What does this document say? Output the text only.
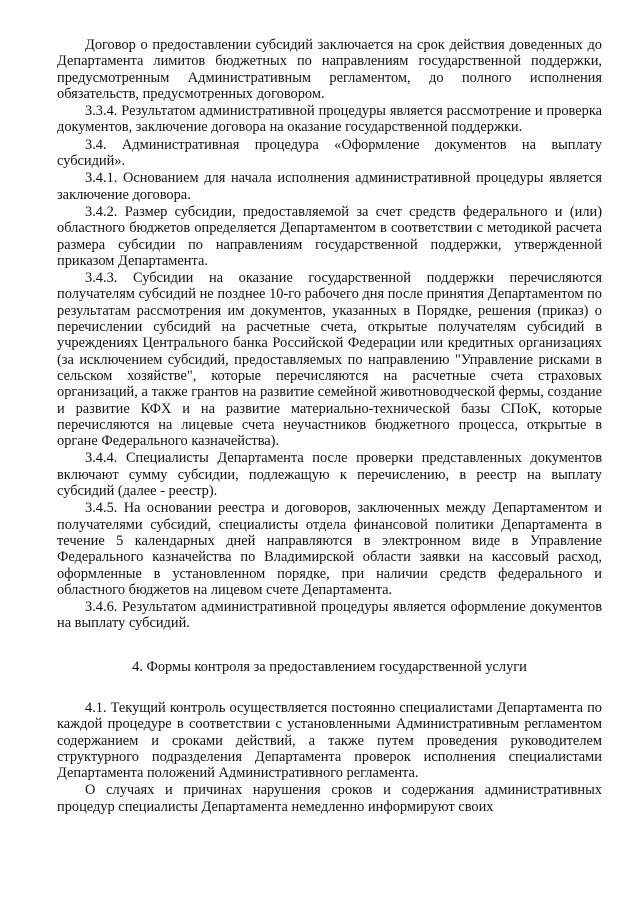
Договор о предоставлении субсидий заключается на срок действия доведенных до Департамента лимитов бюджетных по направлениям государственной поддержки, предусмотренным Административным регламентом, до полного исполнения обязательств, предусмотренных договором.

3.3.4. Результатом административной процедуры является рассмотрение и проверка документов, заключение договора на оказание государственной поддержки.

3.4. Административная процедура «Оформление документов на выплату субсидий».

3.4.1. Основанием для начала исполнения административной процедуры является заключение договора.

3.4.2. Размер субсидии, предоставляемой за счет средств федерального и (или) областного бюджетов определяется Департаментом в соответствии с методикой расчета размера субсидии по направлениям государственной поддержки, утвержденной приказом Департамента.

3.4.3. Субсидии на оказание государственной поддержки перечисляются получателям субсидий не позднее 10-го рабочего дня после принятия Департаментом по результатам рассмотрения им документов, указанных в Порядке, решения (приказ) о перечислении субсидий на расчетные счета, открытые получателям субсидий в учреждениях Центрального банка Российской Федерации или кредитных организациях (за исключением субсидий, предоставляемых по направлению "Управление рисками в сельском хозяйстве", которые перечисляются на расчетные счета страховых организаций, а также грантов на развитие семейной животноводческой фермы, создание и развитие КФХ и на развитие материально-технической базы СПоК, которые перечисляются на лицевые счета неучастников бюджетного процесса, открытые в органе Федерального казначейства).

3.4.4. Специалисты Департамента после проверки представленных документов включают сумму субсидии, подлежащую к перечислению, в реестр на выплату субсидий (далее - реестр).

3.4.5. На основании реестра и договоров, заключенных между Департаментом и получателями субсидий, специалисты отдела финансовой политики Департамента в течение 5 календарных дней направляются в электронном виде в Управление Федерального казначейства по Владимирской области заявки на кассовый расход, оформленные в установленном порядке, при наличии средств федерального и областного бюджетов на лицевом счете Департамента.

3.4.6. Результатом административной процедуры является оформление документов на выплату субсидий.

4. Формы контроля за предоставлением государственной услуги

4.1. Текущий контроль осуществляется постоянно специалистами Департамента по каждой процедуре в соответствии с установленными Административным регламентом содержанием и сроками действий, а также путем проведения руководителем структурного подразделения Департамента проверок исполнения специалистами Департамента положений Административного регламента.

О случаях и причинах нарушения сроков и содержания административных процедур специалисты Департамента немедленно информируют своих
